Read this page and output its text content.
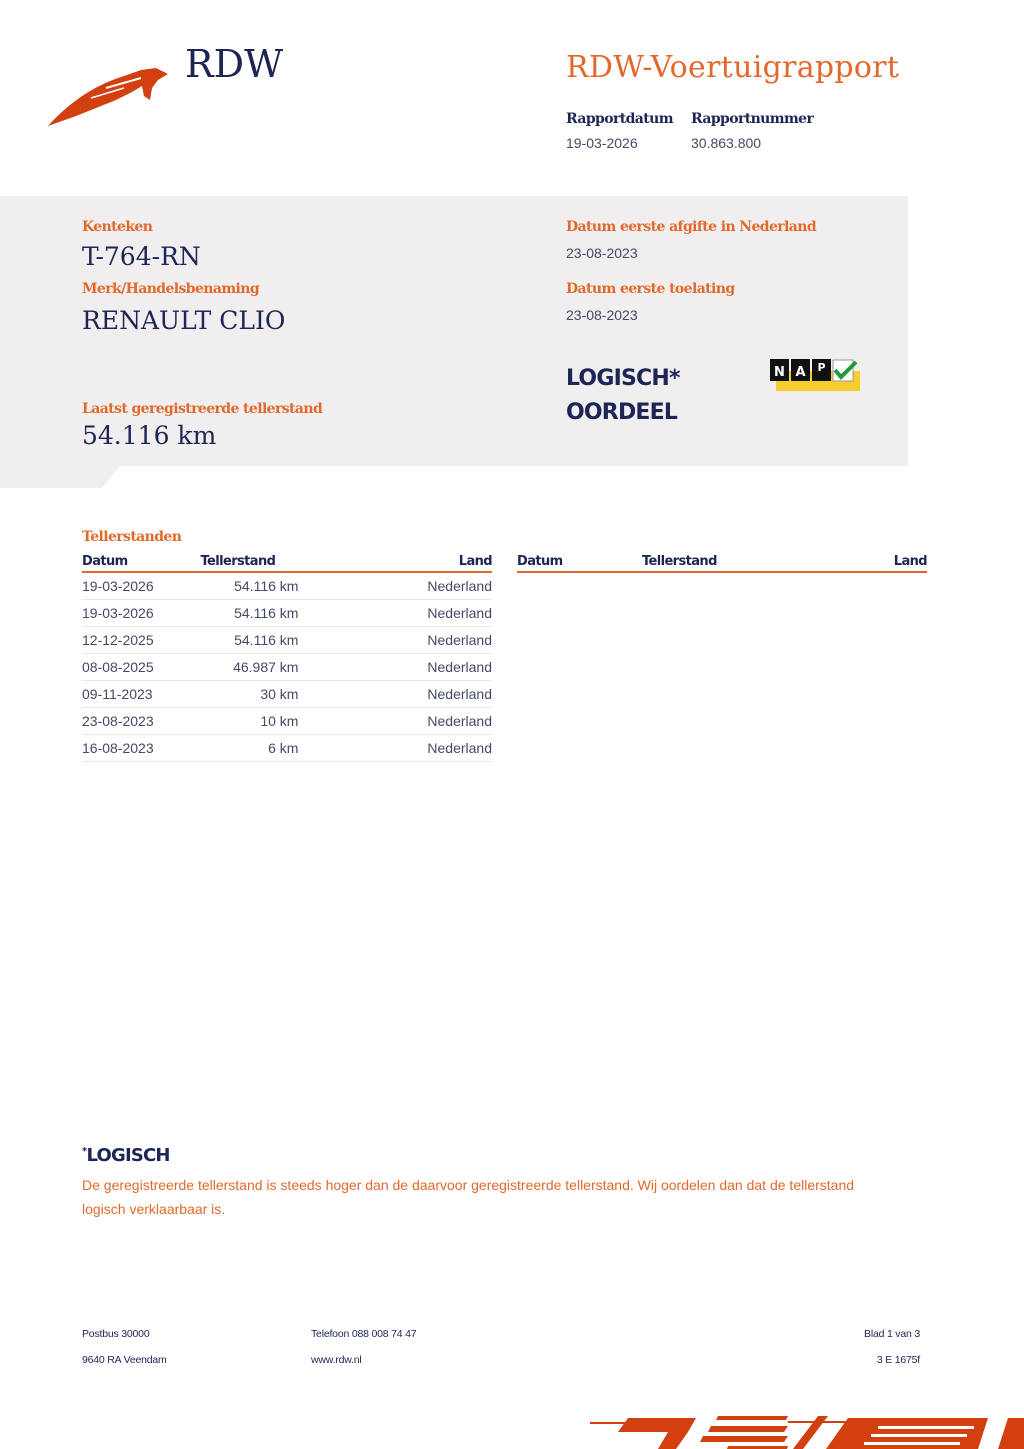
RDW	RDW-Voertuigrapport
Rapportdatum
19-03-2026
Rapportnummer
30.863.800
Kenteken
T-764-RN
Merk/Handelsbenaming
RENAULT CLIO
Laatst geregistreerde tellerstand
54.116 km
Datum eerste afgifte in Nederland
23-08-2023
Datum eerste toelating
23-08-2023
LOGISCH*
OORDEEL
N A P
Tellerstanden
Datum	Tellerstand	Land
19-03-2026	54.116 km	Nederland
19-03-2026	54.116 km	Nederland
12-12-2025	54.116 km	Nederland
08-08-2025	46.987 km	Nederland
09-11-2023	30 km	Nederland
23-08-2023	10 km	Nederland
16-08-2023	6 km	Nederland
Datum	Tellerstand	Land
*LOGISCH
De geregistreerde tellerstand is steeds hoger dan de daarvoor geregistreerde tellerstand. Wij oordelen dan dat de tellerstand logisch verklaarbaar is.
Postbus 30000
9640 RA Veendam
Telefoon 088 008 74 47
www.rdw.nl
Blad 1 van 3
3 E 1675f
